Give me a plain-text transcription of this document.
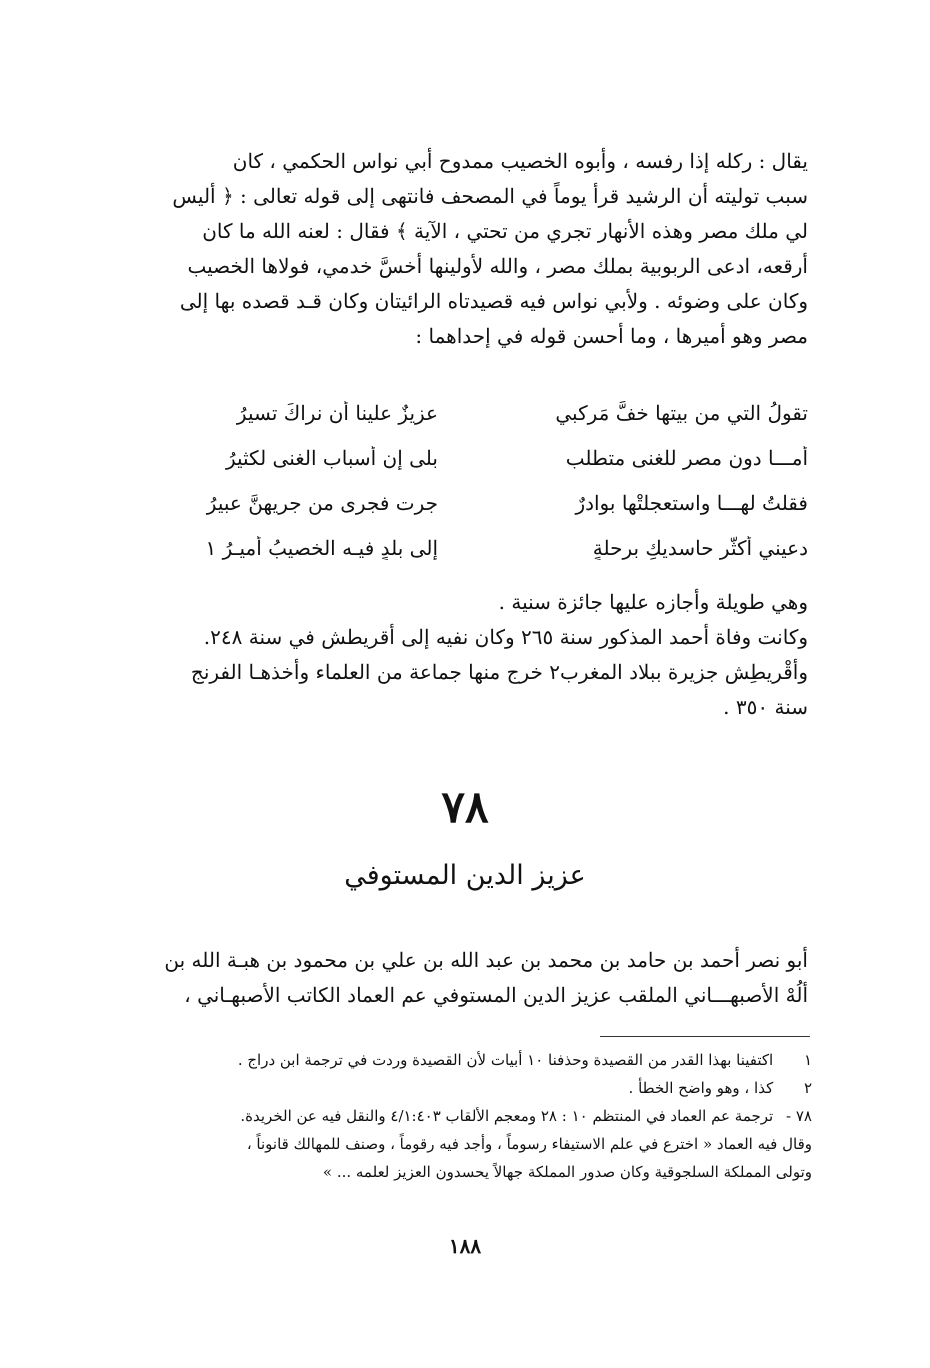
يقال : ركله إذا رفسه ، وأبوه الخصيب ممدوح أبي نواس الحكمي ، كان
سبب توليته أن الرشيد قرأ يوماً في المصحف فانتهى إلى قوله تعالى : ﴿ أليس
لي ملك مصر وهذه الأنهار تجري من تحتي ، الآية ﴾ فقال : لعنه الله ما كان
أرقعه، ادعى الربوبية بملك مصر ، والله لأولينها أخسَّ خدمي، فولاها الخصيب
وكان على وضوئه . ولأبي نواس فيه قصيدتاه الرائيتان وكان قـد قصده بها إلى
مصر وهو أميرها ، وما أحسن قوله في إحداهما :
تقولُ التي من بيتها خفَّ مَركبي
عزيزٌ علينا أن نراكَ تسيرُ
أمـــا دون مصر للغنى متطلب
بلى إن أسباب الغنى لكثيرُ
فقلتُ لهـــا واستعجلتْها بوادرٌ
جرت فجرى من جريهنَّ عبيرُ
دعيني أُكثّر حاسديكِ برحلةٍ
إلى بلدٍ فيـه الخصيبُ أميـرُ ١
وهي طويلة وأجازه عليها جائزة سنية .
وكانت وفاة أحمد المذكور سنة ٢٦٥ وكان نفيه إلى أقريطش في سنة ٢٤٨.
وأقْريطِش جزيرة ببلاد المغرب٢ خرج منها جماعة من العلماء وأخذهـا الفرنج
سنة ٣٥٠ .
٧٨
عزيز الدين المستوفي
أبو نصر أحمد بن حامد بن محمد بن عبد الله بن علي بن محمود بن هبـة الله بن
ألُهْ الأصبهـــاني الملقب عزيز الدين المستوفي عم العماد الكاتب الأصبهـاني ،
١ اكتفينا بهذا القدر من القصيدة وحذفنا ١٠ أبيات لأن القصيدة وردت في ترجمة ابن دراج .
٢ كذا ، وهو واضح الخطأ .
٧٨ - ترجمة عم العماد في المنتظم ١٠ : ٢٨ ومعجم الألقاب ٤/١:٤٠٣ والنقل فيه عن الخريدة.
وقال فيه العماد « اخترع في علم الاستيفاء رسوماً ، وأجد فيه رقوماً ، وصنف للمهالك قانوناً ،
وتولى المملكة السلجوقية وكان صدور المملكة جهالاً يحسدون العزيز لعلمه ... »
١٨٨
